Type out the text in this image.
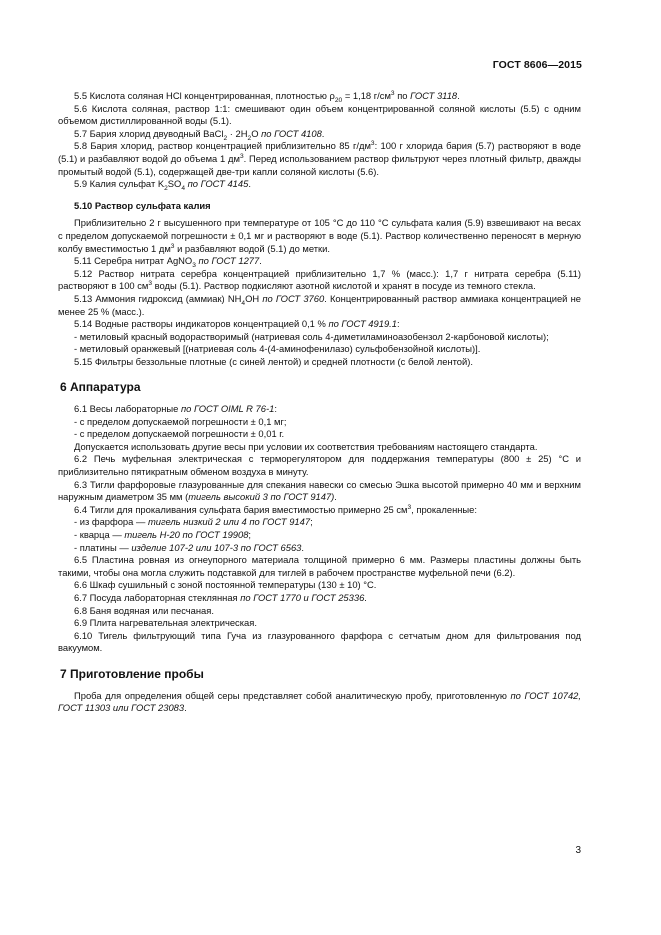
ГОСТ 8606—2015

5.5 Кислота соляная HCl концентрированная, плотностью $\rho_{20} = 1,18$ $г/см^3$ по ГОСТ 3118.

5.6 Кислота соляная, раствор 1:1: смешивают один объем концентрированной соляной кислоты (5.5) с одним объемом дистиллированной воды (5.1).

5.7 Бария хлорид двуводный BaCl$_2$ · $2H_2O$ по ГОСТ 4108.

5.8 Бария хлорид, раствор концентрацией приблизительно 85 $г/дм^3$: 100 г хлорида бария (5.7) растворяют в воде (5.1) и разбавляют водой до объема 1 $дм^3$. Перед использованием раствор фильтруют через плотный фильтр, дважды промытый водой (5.1), содержащей две-три капли соляной кислоты (5.6).

5.9 Калия сульфат $K_2SO_4$ по ГОСТ 4145.

5.10 Раствор сульфата калия

Приблизительно 2 г высушенного при температуре от 105 °С до 110 °С сульфата калия (5.9) взвешивают на весах с пределом допускаемой погрешности ± 0,1 мг и растворяют в воде (5.1). Раствор количественно переносят в мерную колбу вместимостью 1 $дм^3$ и разбавляют водой (5.1) до метки.

5.11 Серебра нитрат AgNO$_3$ по ГОСТ 1277.

5.12 Раствор нитрата серебра концентрацией приблизительно 1,7 % (масс.): 1,7 г нитрата серебра (5.11) растворяют в 100 $см^3$ воды (5.1). Раствор подкисляют азотной кислотой и хранят в посуде из темного стекла.

5.13 Аммония гидроксид (аммиак) $NH_4OH$ по ГОСТ 3760. Концентрированный раствор аммиака концентрацией не менее 25 % (масс.).

5.14 Водные растворы индикаторов концентрацией 0,1 % по ГОСТ 4919.1:

- метиловый красный водорастворимый (натриевая соль 4-диметиламиноазобензол 2-карбоновой кислоты);

- метиловый оранжевый [(натриевая соль 4-(4-аминофенилазо) сульфобензойной кислоты)].

5.15 Фильтры беззольные плотные (с синей лентой) и средней плотности (с белой лентой).

6 Аппаратура

6.1 Весы лабораторные по ГОСТ OIML R 76-1:

- с пределом допускаемой погрешности ± 0,1 мг;

- с пределом допускаемой погрешности ± 0,01 г.

Допускается использовать другие весы при условии их соответствия требованиям настоящего стандарта.

6.2 Печь муфельная электрическая с терморегулятором для поддержания температуры (800 ± 25) °С и приблизительно пятикратным обменом воздуха в минуту.

6.3 Тигли фарфоровые глазурованные для спекания навески со смесью Эшка высотой примерно 40 мм и верхним наружным диаметром 35 мм (тигель высокий 3 по ГОСТ 9147).

6.4 Тигли для прокаливания сульфата бария вместимостью примерно 25 $см^3$, прокаленные:

- из фарфора — тигель низкий 2 или 4 по ГОСТ 9147;

- кварца — тигель Н-20 по ГОСТ 19908;

- платины — изделие 107-2 или 107-3 по ГОСТ 6563.

6.5 Пластина ровная из огнеупорного материала толщиной примерно 6 мм. Размеры пластины должны быть такими, чтобы она могла служить подставкой для тиглей в рабочем пространстве муфельной печи (6.2).

6.6 Шкаф сушильный с зоной постоянной температуры (130 ± 10) °С.

6.7 Посуда лабораторная стеклянная по ГОСТ 1770 и ГОСТ 25336.

6.8 Баня водяная или песчаная.

6.9 Плита нагревательная электрическая.

6.10 Тигель фильтрующий типа Гуча из глазурованного фарфора с сетчатым дном для фильтрования под вакуумом.

7 Приготовление пробы

Проба для определения общей серы представляет собой аналитическую пробу, приготовленную по ГОСТ 10742, ГОСТ 11303 или ГОСТ 23083.

3
